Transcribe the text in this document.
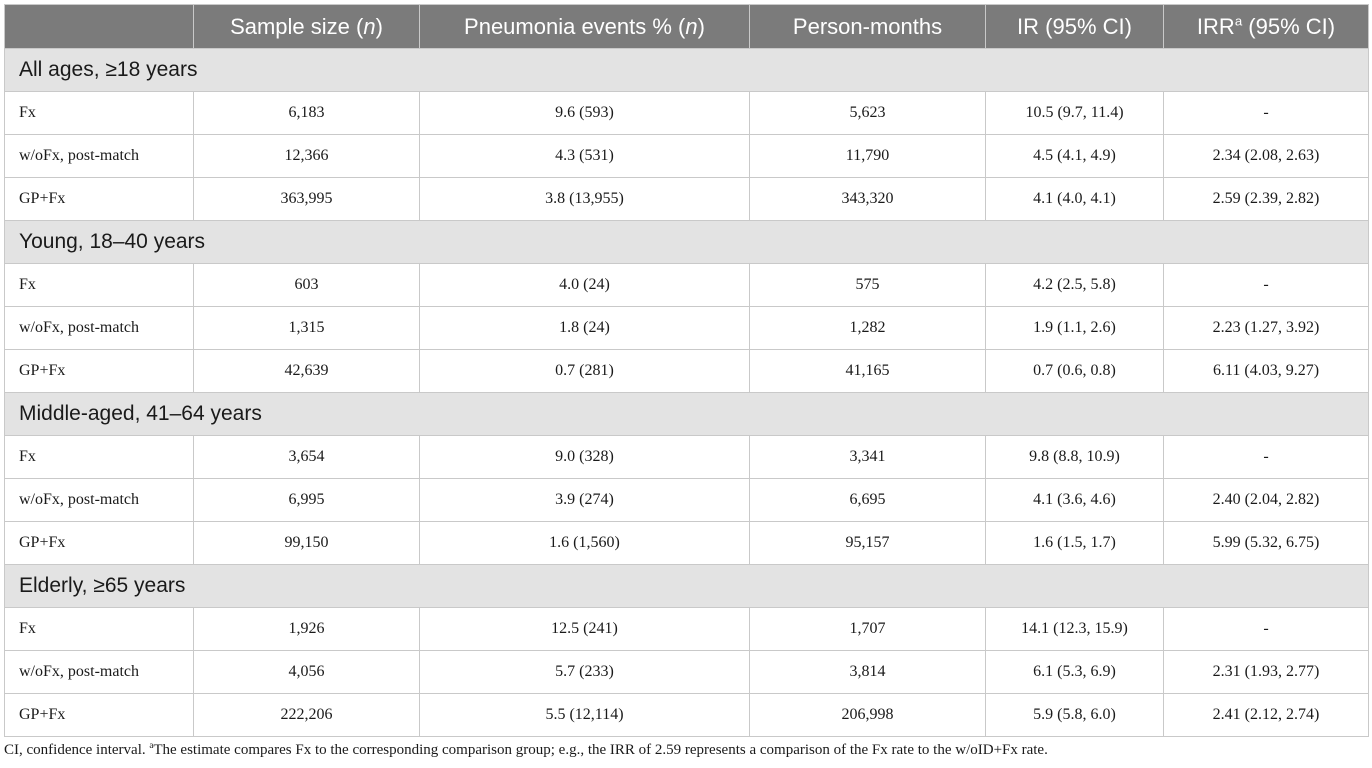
	Sample size (n)	Pneumonia events % (n)	Person-months	IR (95% CI)	IRR$^a$ (95% CI)
All ages, ≥18 years					
Fx	6,183	9.6 (593)	5,623	10.5 (9.7, 11.4)	-
w/oFx, post-match	12,366	4.3 (531)	11,790	4.5 (4.1, 4.9)	2.34 (2.08, 2.63)
GP+Fx	363,995	3.8 (13,955)	343,320	4.1 (4.0, 4.1)	2.59 (2.39, 2.82)
Young, 18–40 years					
Fx	603	4.0 (24)	575	4.2 (2.5, 5.8)	-
w/oFx, post-match	1,315	1.8 (24)	1,282	1.9 (1.1, 2.6)	2.23 (1.27, 3.92)
GP+Fx	42,639	0.7 (281)	41,165	0.7 (0.6, 0.8)	6.11 (4.03, 9.27)
Middle-aged, 41–64 years					
Fx	3,654	9.0 (328)	3,341	9.8 (8.8, 10.9)	-
w/oFx, post-match	6,995	3.9 (274)	6,695	4.1 (3.6, 4.6)	2.40 (2.04, 2.82)
GP+Fx	99,150	1.6 (1,560)	95,157	1.6 (1.5, 1.7)	5.99 (5.32, 6.75)
Elderly, ≥65 years					
Fx	1,926	12.5 (241)	1,707	14.1 (12.3, 15.9)	-
w/oFx, post-match	4,056	5.7 (233)	3,814	6.1 (5.3, 6.9)	2.31 (1.93, 2.77)
GP+Fx	222,206	5.5 (12,114)	206,998	5.9 (5.8, 6.0)	2.41 (2.12, 2.74)
CI, confidence interval. $^a$The estimate compares Fx to the corresponding comparison group; e.g., the IRR of 2.59 represents a comparison of the Fx rate to the w/oID+Fx rate.
